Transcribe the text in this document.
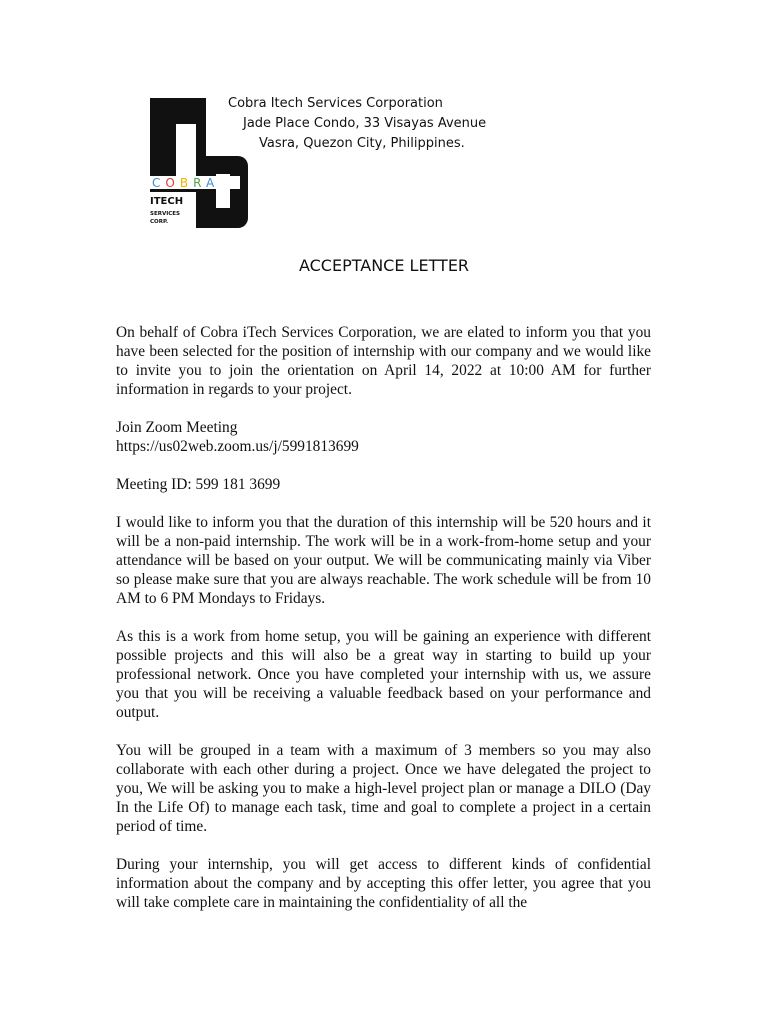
COBRA
ITECH
SERVICES
CORP.
Cobra Itech Services Corporation
Jade Place Condo, 33 Visayas Avenue
Vasra, Quezon City, Philippines.
ACCEPTANCE LETTER

On behalf of Cobra iTech Services Corporation, we are elated to inform you that you have been selected for the position of internship with our company and we would like to invite you to join the orientation on April 14, 2022 at 10:00 AM for further information in regards to your project.

Join Zoom Meeting

https://us02web.zoom.us/j/5991813699

Meeting ID: 599 181 3699

I would like to inform you that the duration of this internship will be 520 hours and it will be a non-paid internship. The work will be in a work-from-home setup and your attendance will be based on your output. We will be communicating mainly via Viber so please make sure that you are always reachable. The work schedule will be from 10 AM to 6 PM Mondays to Fridays.

As this is a work from home setup, you will be gaining an experience with different possible projects and this will also be a great way in starting to build up your professional network. Once you have completed your internship with us, we assure you that you will be receiving a valuable feedback based on your performance and output.

You will be grouped in a team with a maximum of 3 members so you may also collaborate with each other during a project. Once we have delegated the project to you, We will be asking you to make a high-level project plan or manage a DILO (Day In the Life Of) to manage each task, time and goal to complete a project in a certain period of time.

During your internship, you will get access to different kinds of confidential information about the company and by accepting this offer letter, you agree that you will take complete care in maintaining the confidentiality of all the
